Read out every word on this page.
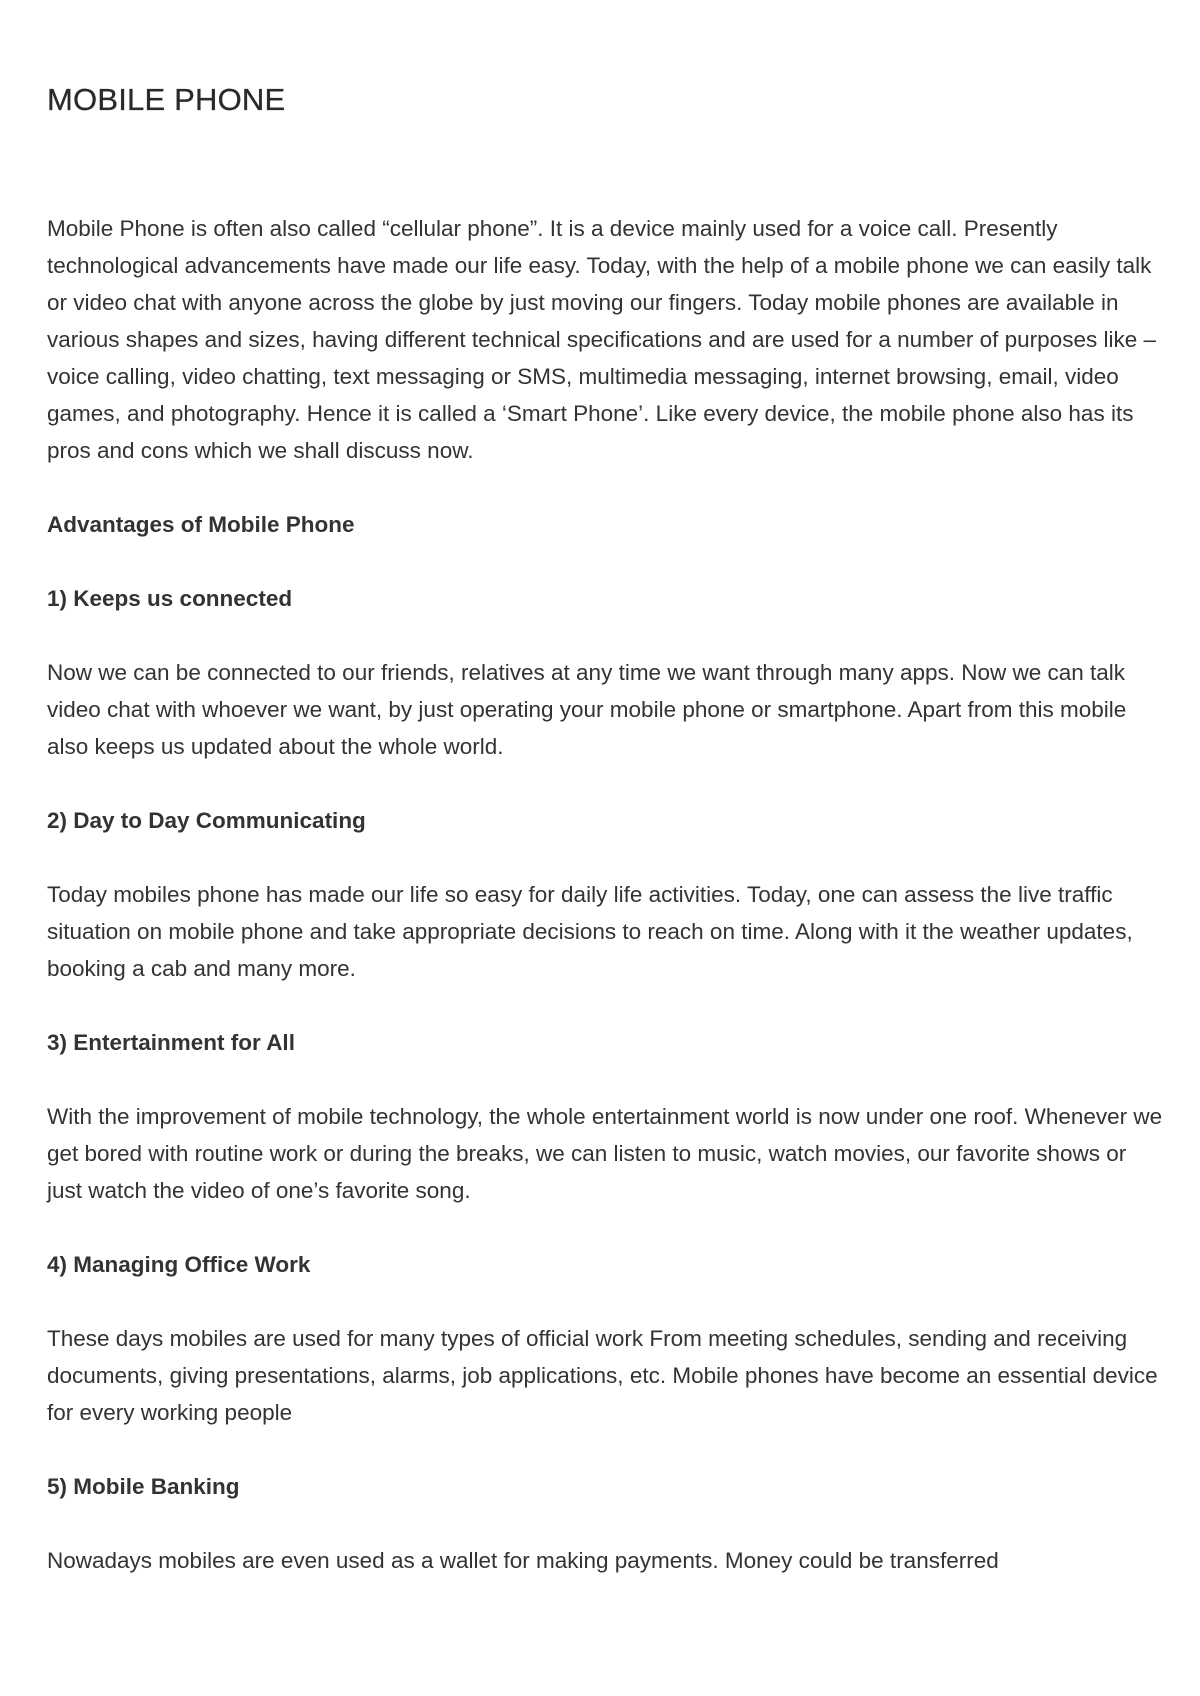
MOBILE PHONE

Mobile Phone is often also called “cellular phone”. It is a device mainly used for a voice call. Presently technological advancements have made our life easy. Today, with the help of a mobile phone we can easily talk or video chat with anyone across the globe by just moving our fingers. Today mobile phones are available in various shapes and sizes, having different technical specifications and are used for a number of purposes like – voice calling, video chatting, text messaging or SMS, multimedia messaging, internet browsing, email, video games, and photography. Hence it is called a ‘Smart Phone’. Like every device, the mobile phone also has its pros and cons which we shall discuss now.

Advantages of Mobile Phone

1) Keeps us connected

Now we can be connected to our friends, relatives at any time we want through many apps. Now we can talk video chat with whoever we want, by just operating your mobile phone or smartphone. Apart from this mobile also keeps us updated about the whole world.

2) Day to Day Communicating

Today mobiles phone has made our life so easy for daily life activities. Today, one can assess the live traffic situation on mobile phone and take appropriate decisions to reach on time. Along with it the weather updates, booking a cab and many more.

3) Entertainment for All

With the improvement of mobile technology, the whole entertainment world is now under one roof. Whenever we get bored with routine work or during the breaks, we can listen to music, watch movies, our favorite shows or just watch the video of one’s favorite song.

4) Managing Office Work

These days mobiles are used for many types of official work From meeting schedules, sending and receiving documents, giving presentations, alarms, job applications, etc. Mobile phones have become an essential device for every working people

5) Mobile Banking

Nowadays mobiles are even used as a wallet for making payments. Money could be transferred
